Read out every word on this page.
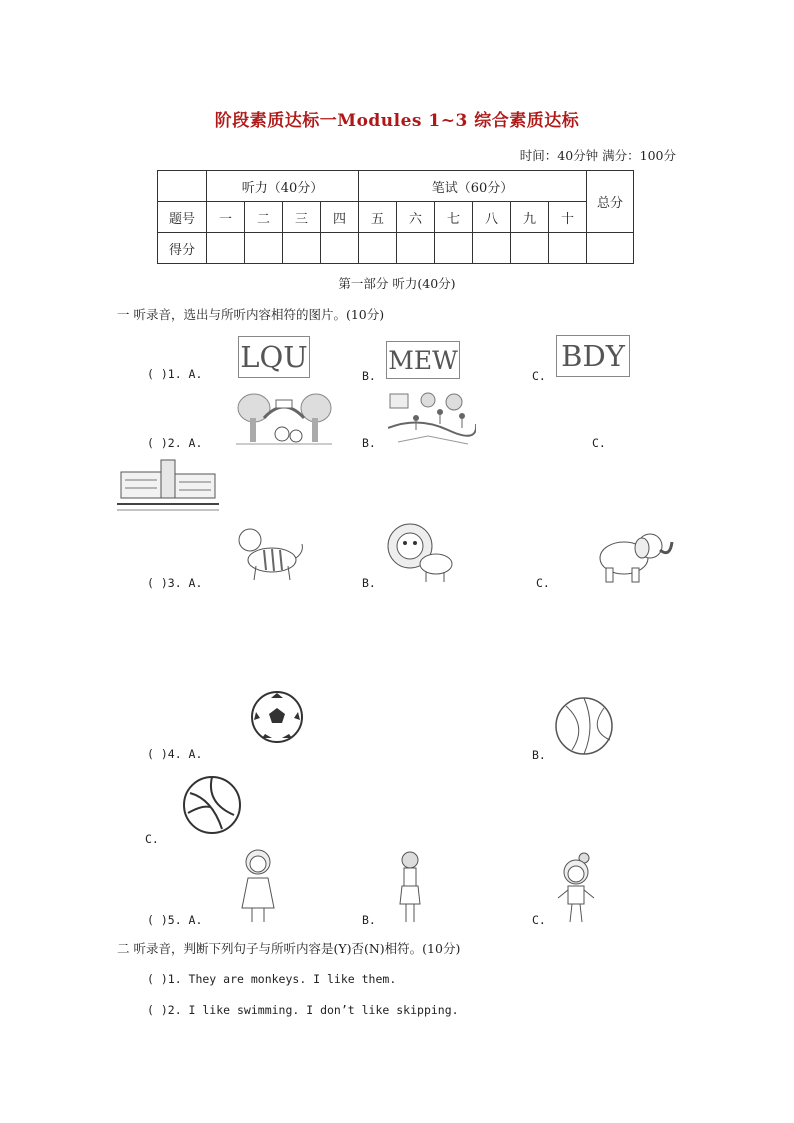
阶段素质达标一Modules 1~3 综合素质达标
时间：40分钟 满分：100分
	听力（40分）				笔试（60分）						总分
题号	一	二	三	四	五	六	七	八	九	十	
得分											
第一部分 听力(40分)
一 听录音，选出与所听内容相符的图片。(10分)
( )1. A. LQU
B.
MEW
C.
BDY
( )2. A.	B.	C.
( )3. A.	B.	C.
( )4. A.	B.
C.
( )5. A.	B.	C.
二 听录音，判断下列句子与所听内容是(Y)否(N)相符。(10分)
( )1. They are monkeys. I like them.
( )2. I like swimming. I don’t like skipping.
